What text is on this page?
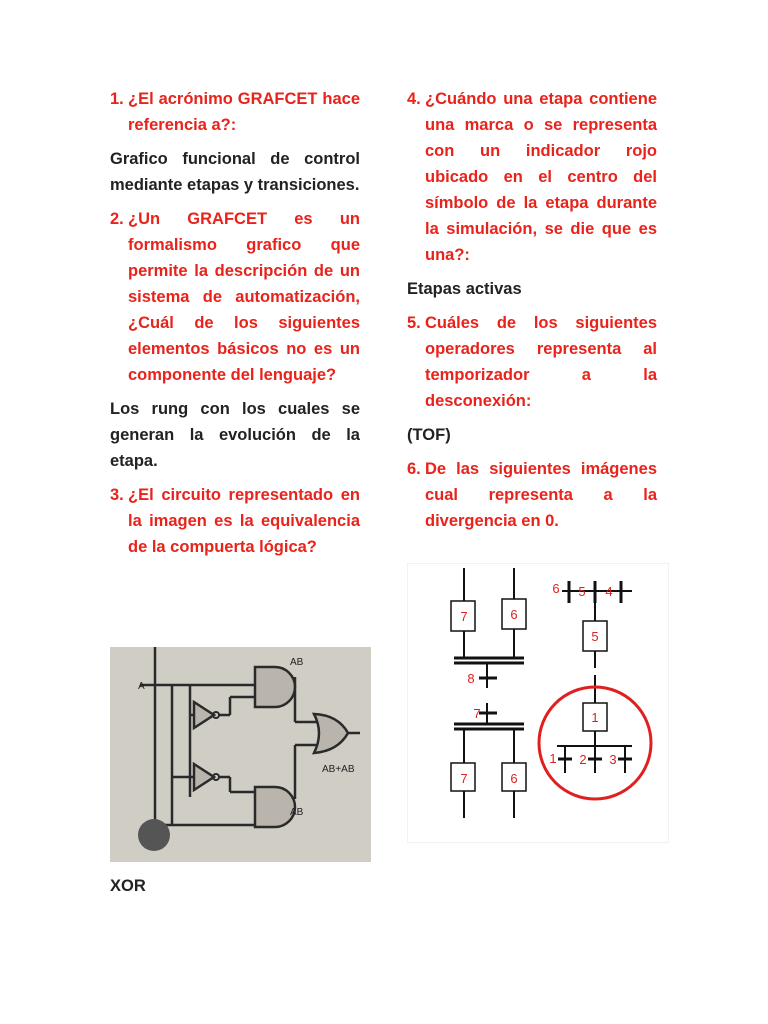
1. ¿El acrónimo GRAFCET hace referencia a?:
Grafico funcional de control mediante etapas y transiciones.
2. ¿Un GRAFCET es un formalismo grafico que permite la descripción de un sistema de automatización, ¿Cuál de los siguientes elementos básicos no es un componente del lenguaje?
Los rung con los cuales se generan la evolución de la etapa.
3. ¿El circuito representado en la imagen es la equivalencia de la compuerta lógica?
A
AB
AB+AB
AB
XOR
4. ¿Cuándo una etapa contiene una marca o se representa con un indicador rojo ubicado en el centro del símbolo de la etapa durante la simulación, se die que es una?:
Etapas activas
5. Cuáles de los siguientes operadores representa al temporizador a la desconexión:
(TOF)
6. De las siguientes imágenes cual representa a la divergencia en 0.
7	6
8
6 5 4
5
7
7	6
1
1 2 3
